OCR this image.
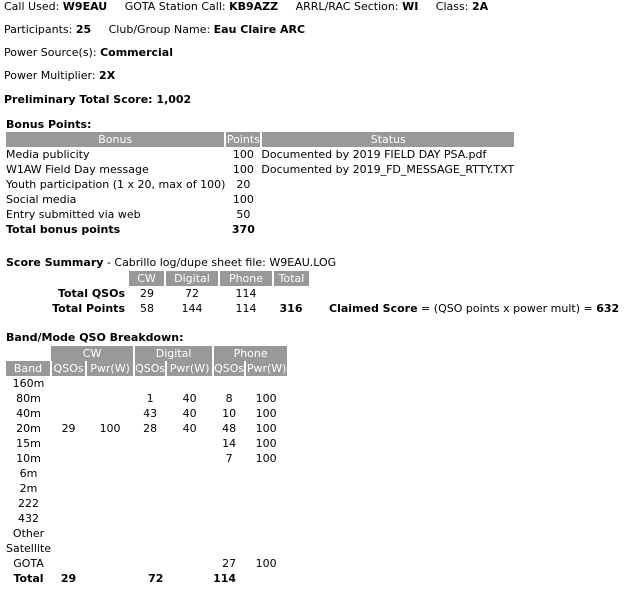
Call Used: W9EAU GOTA Station Call: KB9AZZ ARRL/RAC Section: WI Class: 2A
Participants: 25 Club/Group Name: Eau Claire ARC
Power Source(s): Commercial
Power Multiplier: 2X
Preliminary Total Score: 1,002
Bonus Points:
Bonus	Points	Status
Media publicity	100	Documented by 2019 FIELD DAY PSA.pdf
W1AW Field Day message	100	Documented by 2019_FD_MESSAGE_RTTY.TXT
Youth participation (1 x 20, max of 100)	20	
Social media	100	
Entry submitted via web	50	
Total bonus points	370	
Score Summary - Cabrillo log/dupe sheet file: W9EAU.LOG
	CW	Digital	Phone	Total	
Total QSOs	29	72	114		
Total Points	58	144	114	316	Claimed Score = (QSO points x power mult) = 632
Band/Mode QSO Breakdown:
	CW		Digital		Phone	
Band	QSOs	Pwr(W)	QSOs	Pwr(W)	QSOs	Pwr(W)
160m						
80m			1	40	8	100
40m			43	40	10	100
20m	29	100	28	40	48	100
15m					14	100
10m					7	100
6m						
2m						
222						
432						
Other						
Satellite						
GOTA					27	100
Total	29		72		114	
